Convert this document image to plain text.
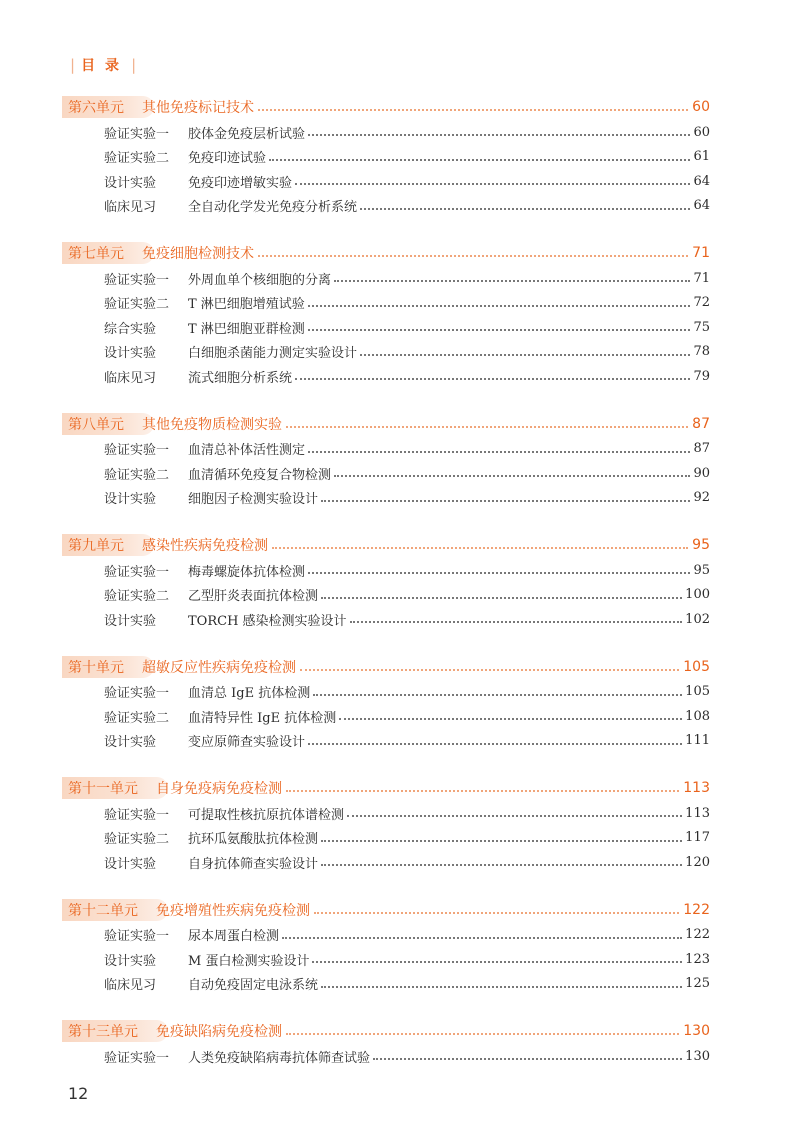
| 目录 |
第六单元 其他免疫标记技术	60
验证实验一	胶体金免疫层析试验	60
验证实验二	免疫印迹试验	61
设计实验	免疫印迹增敏实验	64
临床见习	全自动化学发光免疫分析系统	64
第七单元 免疫细胞检测技术	71
验证实验一	外周血单个核细胞的分离	71
验证实验二	T 淋巴细胞增殖试验	72
综合实验	T 淋巴细胞亚群检测	75
设计实验	白细胞杀菌能力测定实验设计	78
临床见习	流式细胞分析系统	79
第八单元 其他免疫物质检测实验	87
验证实验一	血清总补体活性测定	87
验证实验二	血清循环免疫复合物检测	90
设计实验	细胞因子检测实验设计	92
第九单元 感染性疾病免疫检测	95
验证实验一	梅毒螺旋体抗体检测	95
验证实验二	乙型肝炎表面抗体检测	100
设计实验	TORCH 感染检测实验设计	102
第十单元 超敏反应性疾病免疫检测	105
验证实验一	血清总 IgE 抗体检测	105
验证实验二	血清特异性 IgE 抗体检测	108
设计实验	变应原筛查实验设计	111
第十一单元 自身免疫病免疫检测	113
验证实验一	可提取性核抗原抗体谱检测	113
验证实验二	抗环瓜氨酸肽抗体检测	117
设计实验	自身抗体筛查实验设计	120
第十二单元 免疫增殖性疾病免疫检测	122
验证实验一	尿本周蛋白检测	122
设计实验	M 蛋白检测实验设计	123
临床见习	自动免疫固定电泳系统	125
第十三单元 免疫缺陷病免疫检测	130
验证实验一	人类免疫缺陷病毒抗体筛查试验	130
12
